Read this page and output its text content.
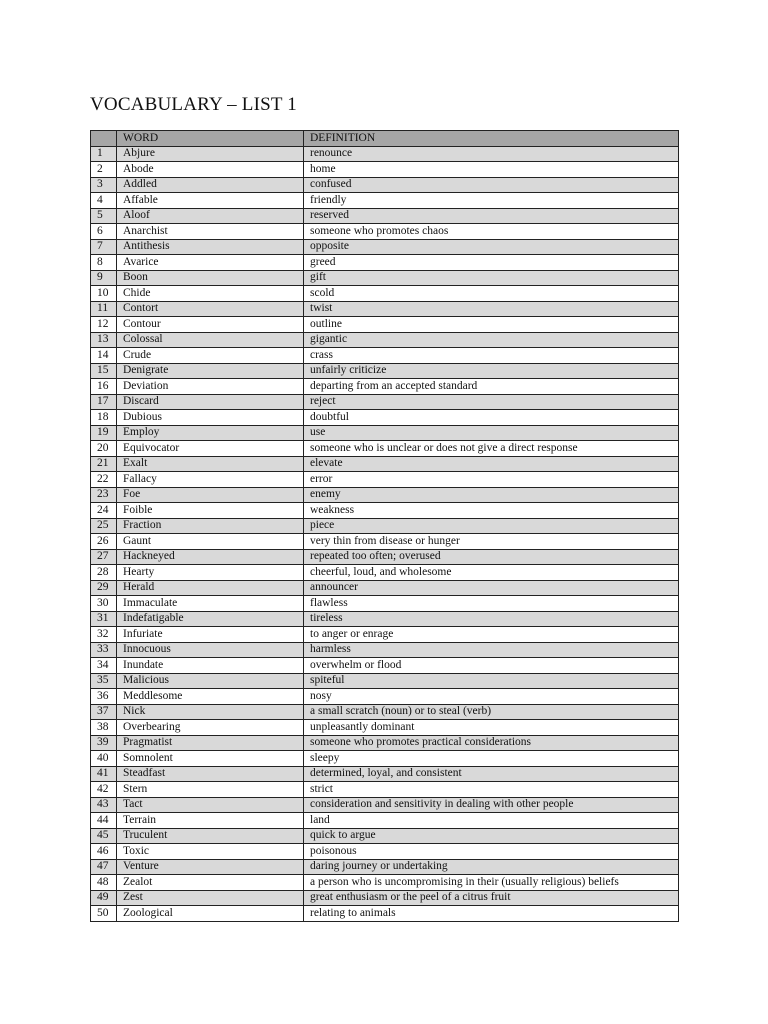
VOCABULARY – LIST 1
	WORD	DEFINITION
1	Abjure	renounce
2	Abode	home
3	Addled	confused
4	Affable	friendly
5	Aloof	reserved
6	Anarchist	someone who promotes chaos
7	Antithesis	opposite
8	Avarice	greed
9	Boon	gift
10	Chide	scold
11	Contort	twist
12	Contour	outline
13	Colossal	gigantic
14	Crude	crass
15	Denigrate	unfairly criticize
16	Deviation	departing from an accepted standard
17	Discard	reject
18	Dubious	doubtful
19	Employ	use
20	Equivocator	someone who is unclear or does not give a direct response
21	Exalt	elevate
22	Fallacy	error
23	Foe	enemy
24	Foible	weakness
25	Fraction	piece
26	Gaunt	very thin from disease or hunger
27	Hackneyed	repeated too often; overused
28	Hearty	cheerful, loud, and wholesome
29	Herald	announcer
30	Immaculate	flawless
31	Indefatigable	tireless
32	Infuriate	to anger or enrage
33	Innocuous	harmless
34	Inundate	overwhelm or flood
35	Malicious	spiteful
36	Meddlesome	nosy
37	Nick	a small scratch (noun) or to steal (verb)
38	Overbearing	unpleasantly dominant
39	Pragmatist	someone who promotes practical considerations
40	Somnolent	sleepy
41	Steadfast	determined, loyal, and consistent
42	Stern	strict
43	Tact	consideration and sensitivity in dealing with other people
44	Terrain	land
45	Truculent	quick to argue
46	Toxic	poisonous
47	Venture	daring journey or undertaking
48	Zealot	a person who is uncompromising in their (usually religious) beliefs
49	Zest	great enthusiasm or the peel of a citrus fruit
50	Zoological	relating to animals
